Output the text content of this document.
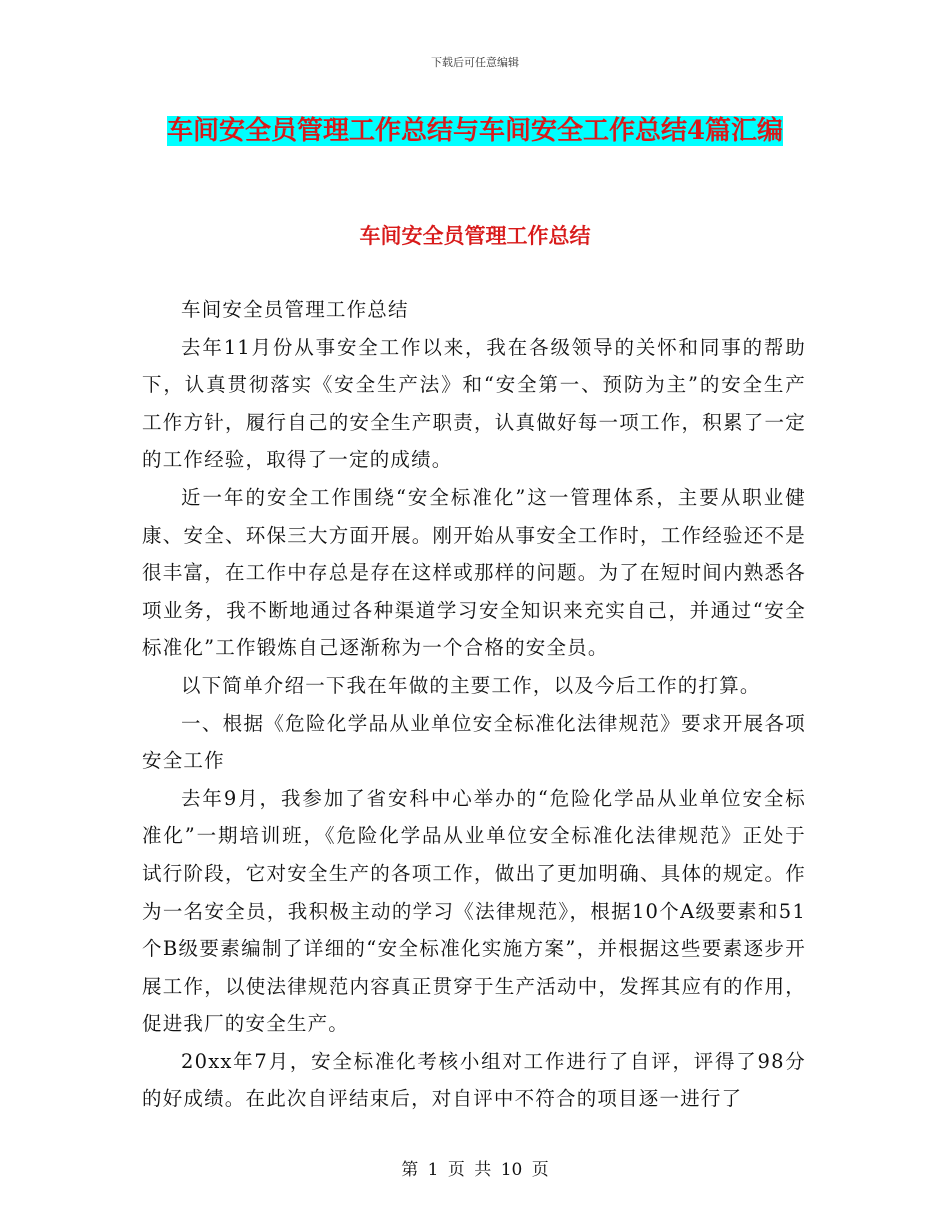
下载后可任意编辑
车间安全员管理工作总结与车间安全工作总结4篇汇编
车间安全员管理工作总结

车间安全员管理工作总结

去年11月份从事安全工作以来，我在各级领导的关怀和同事的帮助下，认真贯彻落实《安全生产法》和“安全第一、预防为主”的安全生产工作方针，履行自己的安全生产职责，认真做好每一项工作，积累了一定的工作经验，取得了一定的成绩。

近一年的安全工作围绕“安全标准化”这一管理体系，主要从职业健康、安全、环保三大方面开展。刚开始从事安全工作时，工作经验还不是很丰富，在工作中存总是存在这样或那样的问题。为了在短时间内熟悉各项业务，我不断地通过各种渠道学习安全知识来充实自己，并通过“安全标准化”工作锻炼自己逐渐称为一个合格的安全员。

以下简单介绍一下我在年做的主要工作，以及今后工作的打算。

一、根据《危险化学品从业单位安全标准化法律规范》要求开展各项安全工作

去年9月，我参加了省安科中心举办的“危险化学品从业单位安全标准化”一期培训班，《危险化学品从业单位安全标准化法律规范》正处于 试行阶段，它对安全生产的各项工作，做出了更加明确、具体的规定。作为一名安全员，我积极主动的学习《法律规范》，根据10个A级要素和51个B级要素编制了详细的“安全标准化实施方案”，并根据这些要素逐步开展工作，以使法律规范内容真正贯穿于生产活动中，发挥其应有的作用，促进我厂的安全生产。

20xx年7月，安全标准化考核小组对工作进行了自评，评得了98分的好成绩。在此次自评结束后，对自评中不符合的项目逐一进行了

第 1 页 共 10 页
